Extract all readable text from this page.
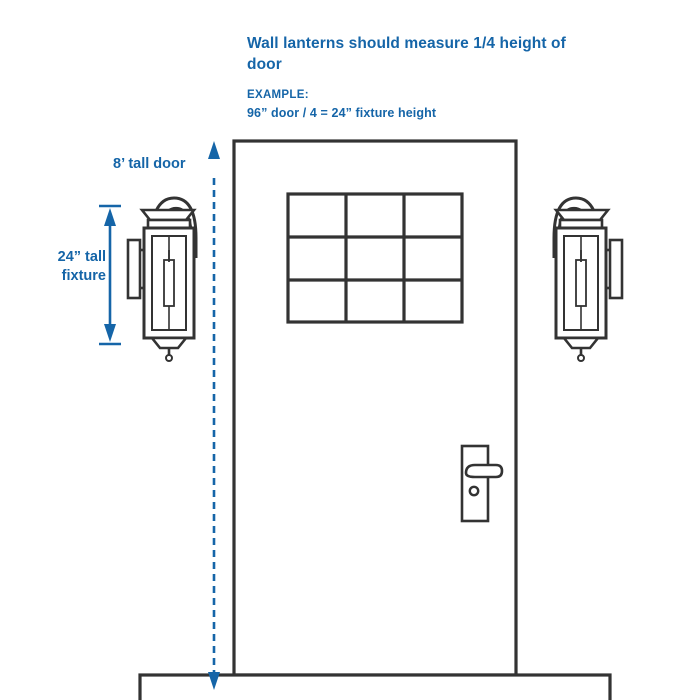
Wall lanterns should measure 1/4 height of door
EXAMPLE:
96” door / 4 = 24” fixture height
8’ tall door
24” tall fixture
